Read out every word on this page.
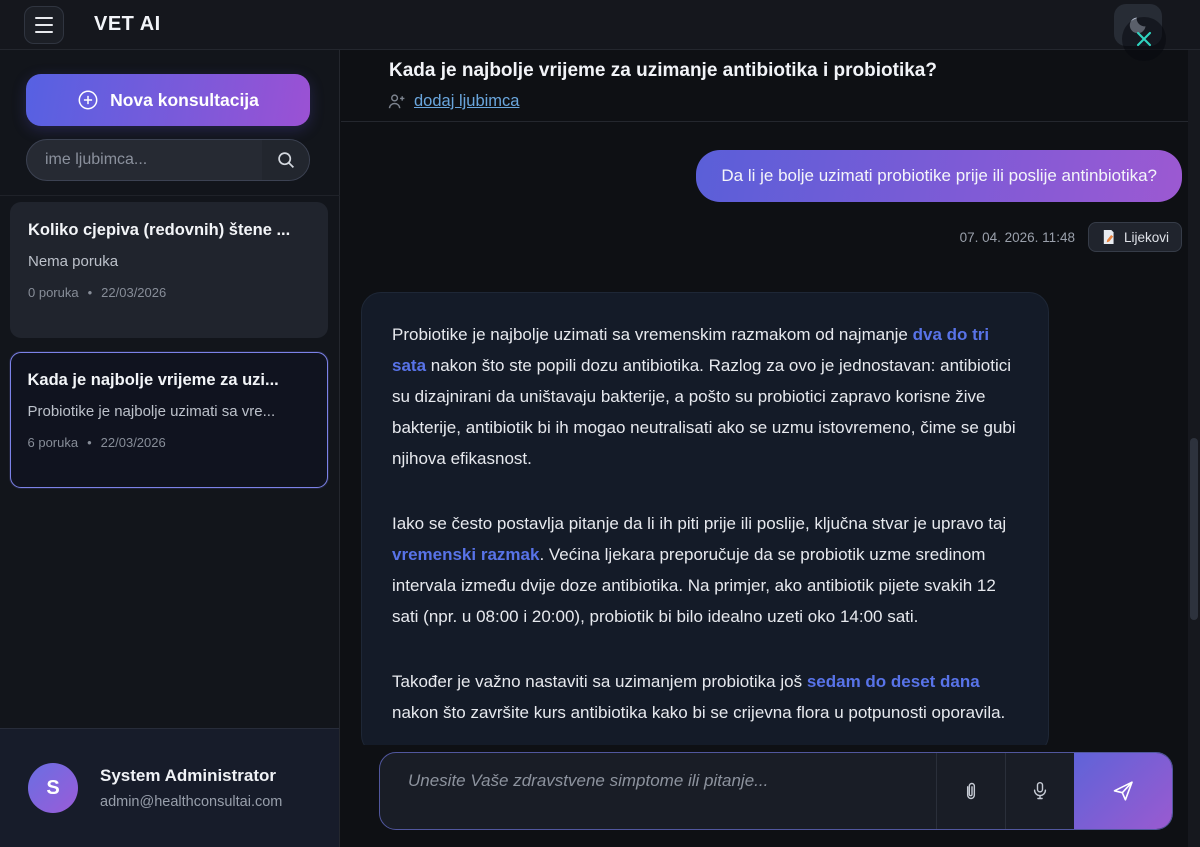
VET AI
Nova konsultacija
ime ljubimca...
Koliko cjepiva (redovnih) štene ...
Nema poruka
0 poruka • 22/03/2026
Kada je najbolje vrijeme za uzi...
Probiotike je najbolje uzimati sa vre...
6 poruka • 22/03/2026
S
System Administrator
admin@healthconsultai.com
Kada je najbolje vrijeme za uzimanje antibiotika i probiotika?
dodaj ljubimca
Da li je bolje uzimati probiotike prije ili poslije antinbiotika?
07. 04. 2026. 11:48	Lijekovi

Probiotike je najbolje uzimati sa vremenskim razmakom od najmanje dva do tri sata nakon što ste popili dozu antibiotika. Razlog za ovo je jednostavan: antibiotici su dizajnirani da uništavaju bakterije, a pošto su probiotici zapravo korisne žive bakterije, antibiotik bi ih mogao neutralisati ako se uzmu istovremeno, čime se gubi njihova efikasnost.

Iako se često postavlja pitanje da li ih piti prije ili poslije, ključna stvar je upravo taj vremenski razmak. Većina ljekara preporučuje da se probiotik uzme sredinom intervala između dvije doze antibiotika. Na primjer, ako antibiotik pijete svakih 12 sati (npr. u 08:00 i 20:00), probiotik bi bilo idealno uzeti oko 14:00 sati.

Također je važno nastaviti sa uzimanjem probiotika još sedam do deset dana nakon što završite kurs antibiotika kako bi se crijevna flora u potpunosti oporavila.

Unesite Vaše zdravstvene simptome ili pitanje...
